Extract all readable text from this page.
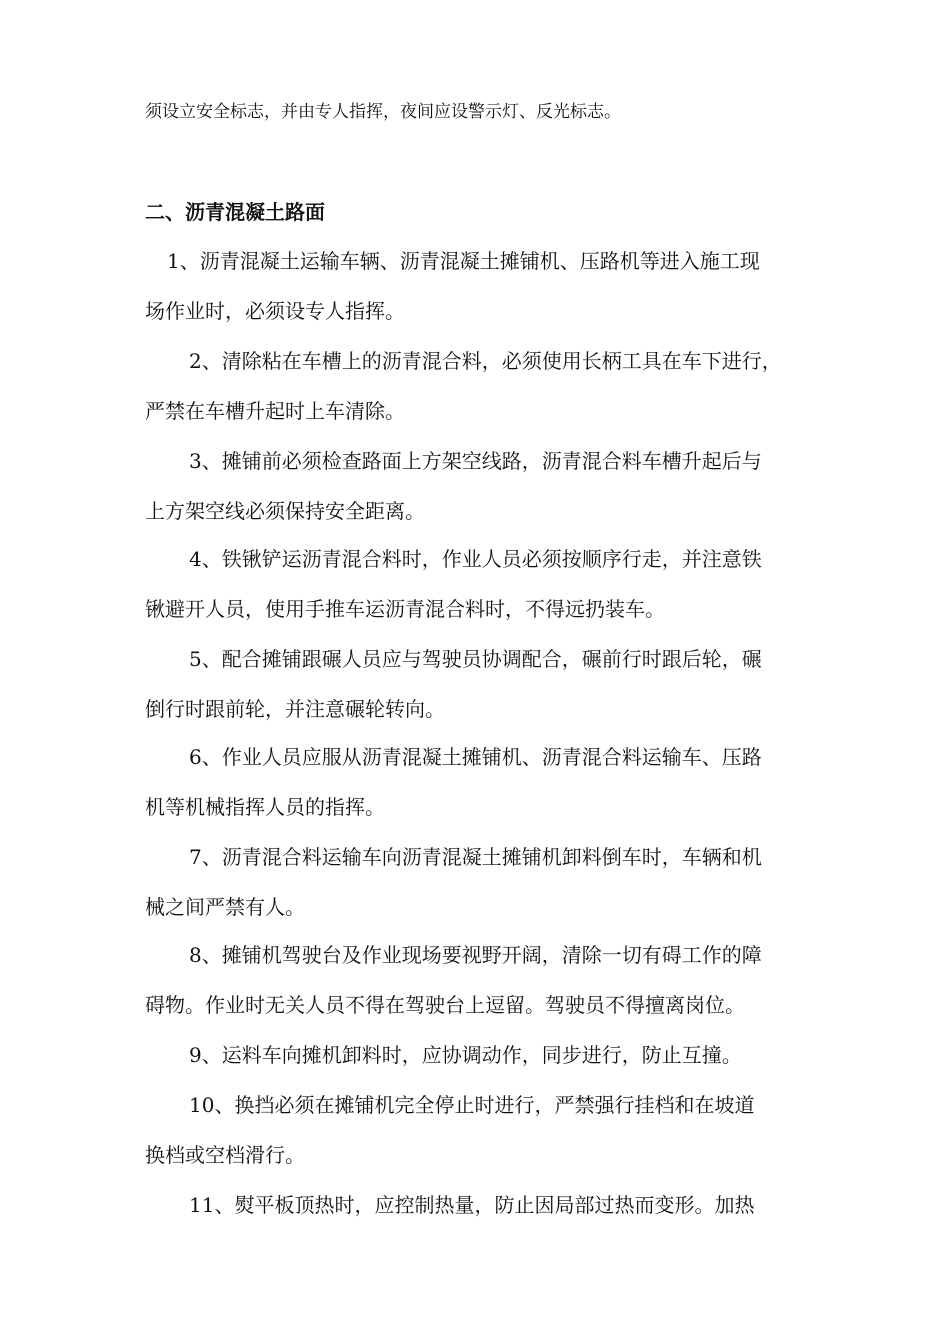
须设立安全标志，并由专人指挥，夜间应设警示灯、反光标志。
二、沥青混凝土路面
1、沥青混凝土运输车辆、沥青混凝土摊铺机、压路机等进入施工现
场作业时，必须设专人指挥。
2、清除粘在车槽上的沥青混合料，必须使用长柄工具在车下进行，
严禁在车槽升起时上车清除。
3、摊铺前必须检查路面上方架空线路，沥青混合料车槽升起后与
上方架空线必须保持安全距离。
4、铁锹铲运沥青混合料时，作业人员必须按顺序行走，并注意铁
锹避开人员，使用手推车运沥青混合料时，不得远扔装车。
5、配合摊铺跟碾人员应与驾驶员协调配合，碾前行时跟后轮，碾
倒行时跟前轮，并注意碾轮转向。
6、作业人员应服从沥青混凝土摊铺机、沥青混合料运输车、压路
机等机械指挥人员的指挥。
7、沥青混合料运输车向沥青混凝土摊铺机卸料倒车时，车辆和机
械之间严禁有人。
8、摊铺机驾驶台及作业现场要视野开阔，清除一切有碍工作的障
碍物。作业时无关人员不得在驾驶台上逗留。驾驶员不得擅离岗位。
9、运料车向摊机卸料时，应协调动作，同步进行，防止互撞。
10、换挡必须在摊铺机完全停止时进行，严禁强行挂档和在坡道
换档或空档滑行。
11、熨平板顶热时，应控制热量，防止因局部过热而变形。加热
